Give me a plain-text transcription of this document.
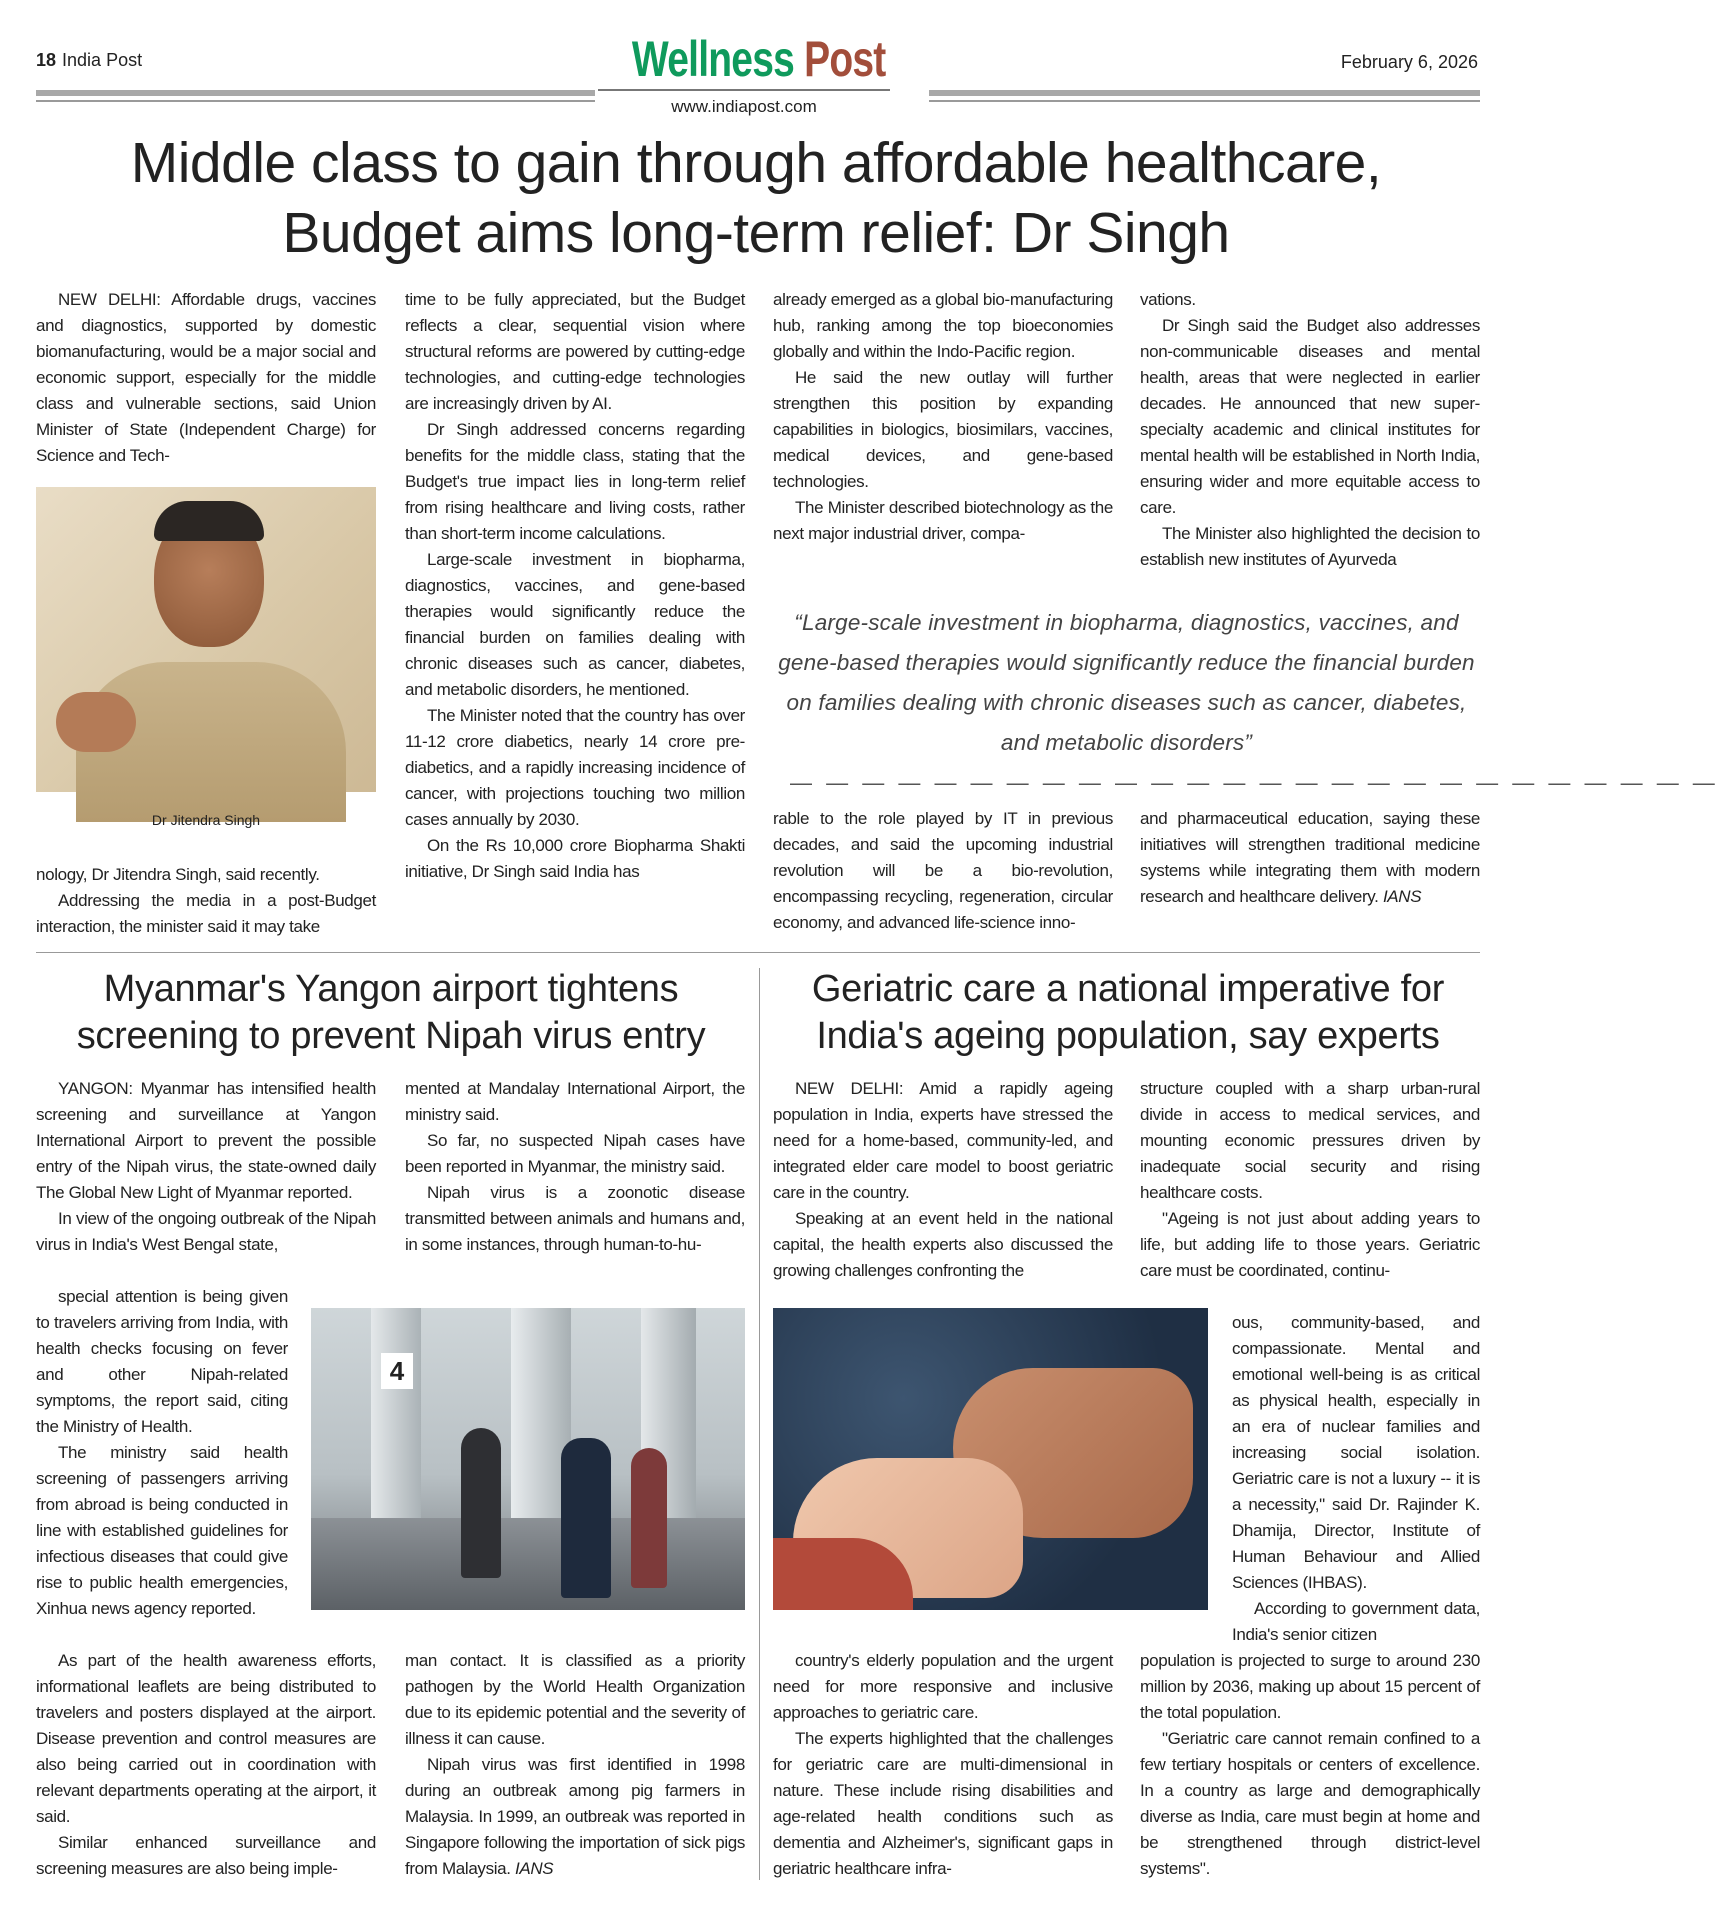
18 India Post	Wellness Post	February 6, 2026
www.indiapost.com
Middle class to gain through affordable healthcare,
Budget aims long-term relief: Dr Singh

NEW DELHI: Affordable drugs, vaccines and diagnostics, supported by domestic biomanufacturing, would be a major social and economic support, especially for the middle class and vulnerable sections, said Union Minister of State (Independent Charge) for Science and Tech-

Dr Jitendra Singh

nology, Dr Jitendra Singh, said recently.

Addressing the media in a post-Budget interaction, the minister said it may take

time to be fully appreciated, but the Budget reflects a clear, sequential vision where structural reforms are powered by cutting-edge technologies, and cutting-edge technologies are increasingly driven by AI.

Dr Singh addressed concerns regarding benefits for the middle class, stating that the Budget's true impact lies in long-term relief from rising healthcare and living costs, rather than short-term income calculations.

Large-scale investment in biopharma, diagnostics, vaccines, and gene-based therapies would significantly reduce the financial burden on families dealing with chronic diseases such as cancer, diabetes, and metabolic disorders, he mentioned.

The Minister noted that the country has over 11-12 crore diabetics, nearly 14 crore pre-diabetics, and a rapidly increasing incidence of cancer, with projections touching two million cases annually by 2030.

On the Rs 10,000 crore Biopharma Shakti initiative, Dr Singh said India has

already emerged as a global bio-manufacturing hub, ranking among the top bioeconomies globally and within the Indo-Pacific region.

He said the new outlay will further strengthen this position by expanding capabilities in biologics, biosimilars, vaccines, medical devices, and gene-based technologies.

The Minister described biotechnology as the next major industrial driver, compa-

vations.

Dr Singh said the Budget also addresses non-communicable diseases and mental health, areas that were neglected in earlier decades. He announced that new super-specialty academic and clinical institutes for mental health will be established in North India, ensuring wider and more equitable access to care.

The Minister also highlighted the decision to establish new institutes of Ayurveda

“Large-scale investment in biopharma, diagnostics, vaccines, and gene-based therapies would significantly reduce the financial burden on families dealing with chronic diseases such as cancer, diabetes, and metabolic disorders”
— — — — — — — — — — — — — — — — — — — — — — — — — —

rable to the role played by IT in previous decades, and said the upcoming industrial revolution will be a bio-revolution, encompassing recycling, regeneration, circular economy, and advanced life-science inno-

and pharmaceutical education, saying these initiatives will strengthen traditional medicine systems while integrating them with modern research and healthcare delivery. IANS

Myanmar's Yangon airport tightens screening to prevent Nipah virus entry

YANGON: Myanmar has intensified health screening and surveillance at Yangon International Airport to prevent the possible entry of the Nipah virus, the state-owned daily The Global New Light of Myanmar reported.

In view of the ongoing outbreak of the Nipah virus in India's West Bengal state,

special attention is being given to travelers arriving from India, with health checks focusing on fever and other Nipah-related symptoms, the report said, citing the Ministry of Health.

The ministry said health screening of passengers arriving from abroad is being conducted in line with established guidelines for infectious diseases that could give rise to public health emergencies, Xinhua news agency reported.

As part of the health awareness efforts, informational leaflets are being distributed to travelers and posters displayed at the airport. Disease prevention and control measures are also being carried out in coordination with relevant departments operating at the airport, it said.

Similar enhanced surveillance and screening measures are also being imple-

mented at Mandalay International Airport, the ministry said.

So far, no suspected Nipah cases have been reported in Myanmar, the ministry said.

Nipah virus is a zoonotic disease transmitted between animals and humans and, in some instances, through human-to-hu-

4

man contact. It is classified as a priority pathogen by the World Health Organization due to its epidemic potential and the severity of illness it can cause.

Nipah virus was first identified in 1998 during an outbreak among pig farmers in Malaysia. In 1999, an outbreak was reported in Singapore following the importation of sick pigs from Malaysia. IANS

Geriatric care a national imperative for India's ageing population, say experts

NEW DELHI: Amid a rapidly ageing population in India, experts have stressed the need for a home-based, community-led, and integrated elder care model to boost geriatric care in the country.

Speaking at an event held in the national capital, the health experts also discussed the growing challenges confronting the

country's elderly population and the urgent need for more responsive and inclusive approaches to geriatric care.

The experts highlighted that the challenges for geriatric care are multi-dimensional in nature. These include rising disabilities and age-related health conditions such as dementia and Alzheimer's, significant gaps in geriatric healthcare infra-

structure coupled with a sharp urban-rural divide in access to medical services, and mounting economic pressures driven by inadequate social security and rising healthcare costs.

"Ageing is not just about adding years to life, but adding life to those years. Geriatric care must be coordinated, continu-

ous, community-based, and compassionate. Mental and emotional well-being is as critical as physical health, especially in an era of nuclear families and increasing social isolation. Geriatric care is not a luxury -- it is a necessity," said Dr. Rajinder K. Dhamija, Director, Institute of Human Behaviour and Allied Sciences (IHBAS).

According to government data, India's senior citizen

population is projected to surge to around 230 million by 2036, making up about 15 percent of the total population.

"Geriatric care cannot remain confined to a few tertiary hospitals or centers of excellence. In a country as large and demographically diverse as India, care must begin at home and be strengthened through district-level systems".
